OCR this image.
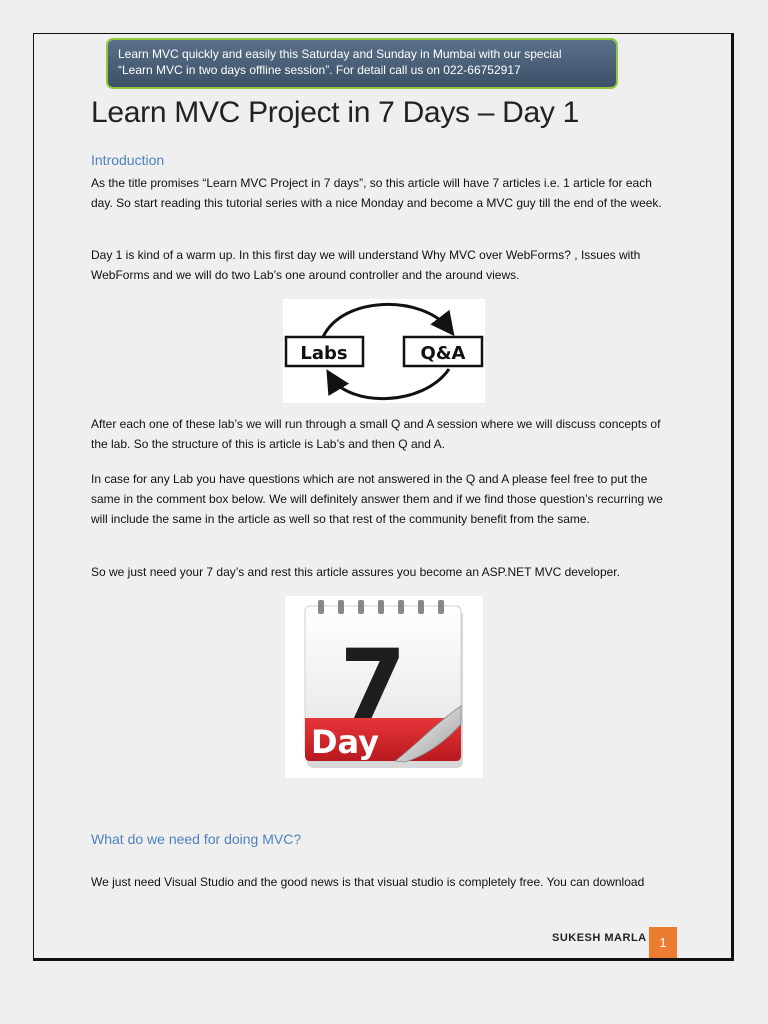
Learn MVC quickly and easily this Saturday and Sunday in Mumbai with our special
“Learn MVC in two days offline session”. For detail call us on 022-66752917
Learn MVC Project in 7 Days – Day 1
Introduction
As the title promises “Learn MVC Project in 7 days”, so this article will have 7 articles i.e. 1 article for each day. So start reading this tutorial series with a nice Monday and become a MVC guy till the end of the week.
Day 1 is kind of a warm up. In this first day we will understand Why MVC over WebForms? , Issues with WebForms and we will do two Lab’s one around controller and the around views.
Labs	Q&A
After each one of these lab’s we will run through a small Q and A session where we will discuss concepts of the lab. So the structure of this is article is Lab’s and then Q and A.
In case for any Lab you have questions which are not answered in the Q and A please feel free to put the same in the comment box below. We will definitely answer them and if we find those question’s recurring we will include the same in the article as well so that rest of the community benefit from the same.
So we just need your 7 day’s and rest this article assures you become an ASP.NET MVC developer.
7
Day
What do we need for doing MVC?
We just need Visual Studio and the good news is that visual studio is completely free. You can download
SUKESH MARLA 1
